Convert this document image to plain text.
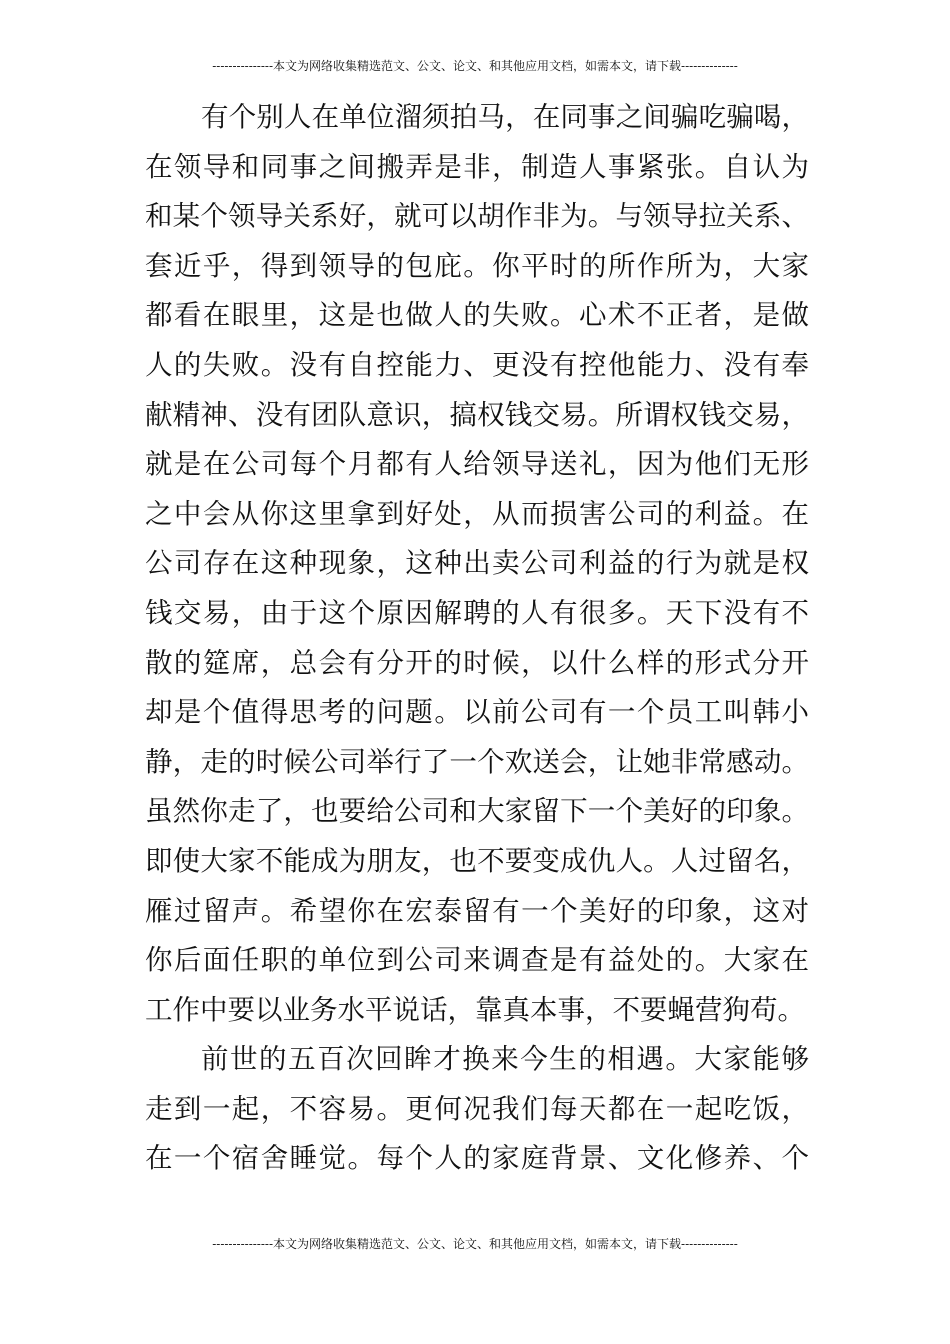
---------------本文为网络收集精选范文、公文、论文、和其他应用文档，如需本文，请下载--------------
有个别人在单位溜须拍马，在同事之间骗吃骗喝，
在领导和同事之间搬弄是非，制造人事紧张。自认为
和某个领导关系好，就可以胡作非为。与领导拉关系、
套近乎，得到领导的包庇。你平时的所作所为，大家
都看在眼里，这是也做人的失败。心术不正者，是做
人的失败。没有自控能力、更没有控他能力、没有奉
献精神、没有团队意识，搞权钱交易。所谓权钱交易，
就是在公司每个月都有人给领导送礼，因为他们无形
之中会从你这里拿到好处，从而损害公司的利益。在
公司存在这种现象，这种出卖公司利益的行为就是权
钱交易，由于这个原因解聘的人有很多。天下没有不
散的筵席，总会有分开的时候，以什么样的形式分开
却是个值得思考的问题。以前公司有一个员工叫韩小
静，走的时候公司举行了一个欢送会，让她非常感动。
虽然你走了，也要给公司和大家留下一个美好的印象。
即使大家不能成为朋友，也不要变成仇人。人过留名，
雁过留声。希望你在宏泰留有一个美好的印象，这对
你后面任职的单位到公司来调查是有益处的。大家在
工作中要以业务水平说话，靠真本事，不要蝇营狗苟。
前世的五百次回眸才换来今生的相遇。大家能够
走到一起，不容易。更何况我们每天都在一起吃饭，
在一个宿舍睡觉。每个人的家庭背景、文化修养、个
---------------本文为网络收集精选范文、公文、论文、和其他应用文档，如需本文，请下载--------------
